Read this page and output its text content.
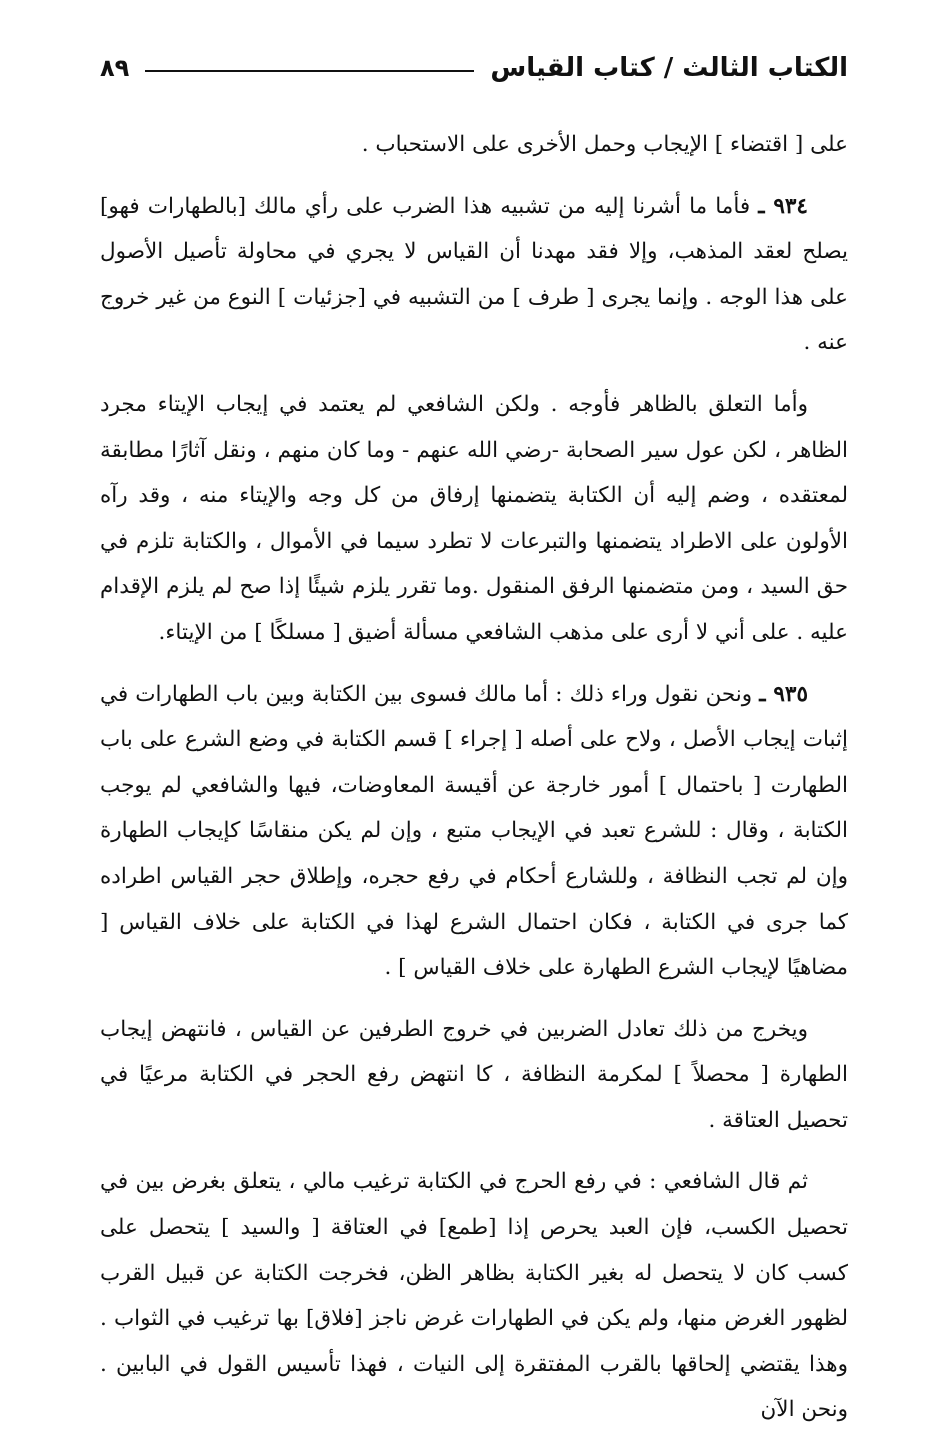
الكتاب الثالث / كتاب القياس
٨٩

على [ اقتضاء ] الإيجاب وحمل الأخرى على الاستحباب .

٩٣٤ ـ فأما ما أشرنا إليه من تشبيه هذا الضرب على رأي مالك [بالطهارات فهو] يصلح لعقد المذهب، وإلا فقد مهدنا أن القياس لا يجري في محاولة تأصيل الأصول على هذا الوجه . وإنما يجرى [ طرف ] من التشبيه في [جزئيات ] النوع من غير خروج عنه .

وأما التعلق بالظاهر فأوجه . ولكن الشافعي لم يعتمد في إيجاب الإيتاء مجرد الظاهر ، لكن عول سير الصحابة -رضي الله عنهم - وما كان منهم ، ونقل آثارًا مطابقة لمعتقده ، وضم إليه أن الكتابة يتضمنها إرفاق من كل وجه والإيتاء منه ، وقد رآه الأولون على الاطراد يتضمنها والتبرعات لا تطرد سيما في الأموال ، والكتابة تلزم في حق السيد ، ومن متضمنها الرفق المنقول .وما تقرر يلزم شيئًا إذا صح لم يلزم الإقدام عليه . على أني لا أرى على مذهب الشافعي مسألة أضيق [ مسلكًا ] من الإيتاء.

٩٣٥ ـ ونحن نقول وراء ذلك : أما مالك فسوى بين الكتابة وبين باب الطهارات في إثبات إيجاب الأصل ، ولاح على أصله [ إجراء ] قسم الكتابة في وضع الشرع على باب الطهارت [ باحتمال ] أمور خارجة عن أقيسة المعاوضات، فيها والشافعي لم يوجب الكتابة ، وقال : للشرع تعبد في الإيجاب متبع ، وإن لم يكن منقاسًا كإيجاب الطهارة وإن لم تجب النظافة ، وللشارع أحكام في رفع حجره، وإطلاق حجر القياس اطراده كما جرى في الكتابة ، فكان احتمال الشرع لهذا في الكتابة على خلاف القياس [ مضاهيًا لإيجاب الشرع الطهارة على خلاف القياس ] .

ويخرج من ذلك تعادل الضربين في خروج الطرفين عن القياس ، فانتهض إيجاب الطهارة [ محصلاً ] لمكرمة النظافة ، كا انتهض رفع الحجر في الكتابة مرعيًا في تحصيل العتاقة .

ثم قال الشافعي : في رفع الحرج في الكتابة ترغيب مالي ، يتعلق بغرض بين في تحصيل الكسب، فإن العبد يحرص إذا [طمع] في العتاقة [ والسيد ] يتحصل على كسب كان لا يتحصل له بغير الكتابة بظاهر الظن، فخرجت الكتابة عن قبيل القرب لظهور الغرض منها، ولم يكن في الطهارات غرض ناجز [فلاق] بها ترغيب في الثواب . وهذا يقتضي إلحاقها بالقرب المفتقرة إلى النيات ، فهذا تأسيس القول في البابين . ونحن الآن
